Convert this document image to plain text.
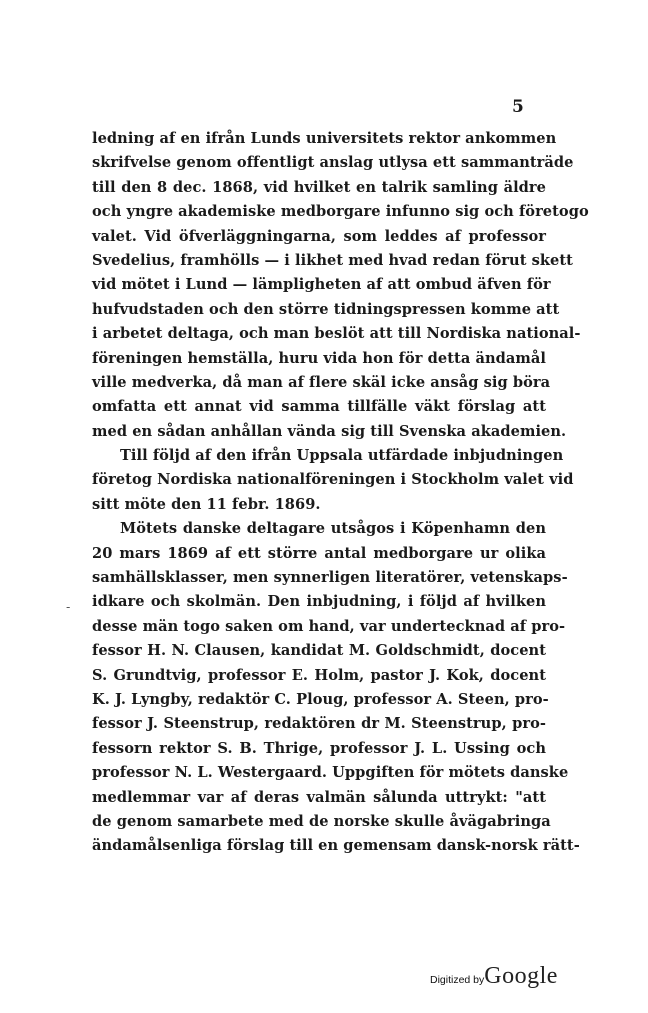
5
-
ledning af en ifrån Lunds universitets rektor ankommen
skrifvelse genom offentligt anslag utlysa ett sammanträde
till den 8 dec. 1868, vid hvilket en talrik samling äldre
och yngre akademiske medborgare infunno sig och företogo
valet. Vid öfverläggningarna, som leddes af professor
Svedelius, framhölls — i likhet med hvad redan förut skett
vid mötet i Lund — lämpligheten af att ombud äfven för
hufvudstaden och den större tidningspressen komme att
i arbetet deltaga, och man beslöt att till Nordiska national-
föreningen hemställa, huru vida hon för detta ändamål
ville medverka, då man af flere skäl icke ansåg sig böra
omfatta ett annat vid samma tillfälle väkt förslag att
med en sådan anhållan vända sig till Svenska akademien.
Till följd af den ifrån Uppsala utfärdade inbjudningen
företog Nordiska nationalföreningen i Stockholm valet vid
sitt möte den 11 febr. 1869.
Mötets danske deltagare utsågos i Köpenhamn den
20 mars 1869 af ett större antal medborgare ur olika
samhällsklasser, men synnerligen literatörer, vetenskaps-
idkare och skolmän. Den inbjudning, i följd af hvilken
desse män togo saken om hand, var undertecknad af pro-
fessor H. N. Clausen, kandidat M. Goldschmidt, docent
S. Grundtvig, professor E. Holm, pastor J. Kok, docent
K. J. Lyngby, redaktör C. Ploug, professor A. Steen, pro-
fessor J. Steenstrup, redaktören dr M. Steenstrup, pro-
fessorn rektor S. B. Thrige, professor J. L. Ussing och
professor N. L. Westergaard. Uppgiften för mötets danske
medlemmar var af deras valmän sålunda uttrykt: "att
de genom samarbete med de norske skulle åvägabringa
ändamålsenliga förslag till en gemensam dansk-norsk rätt-
Digitized byGoogle
